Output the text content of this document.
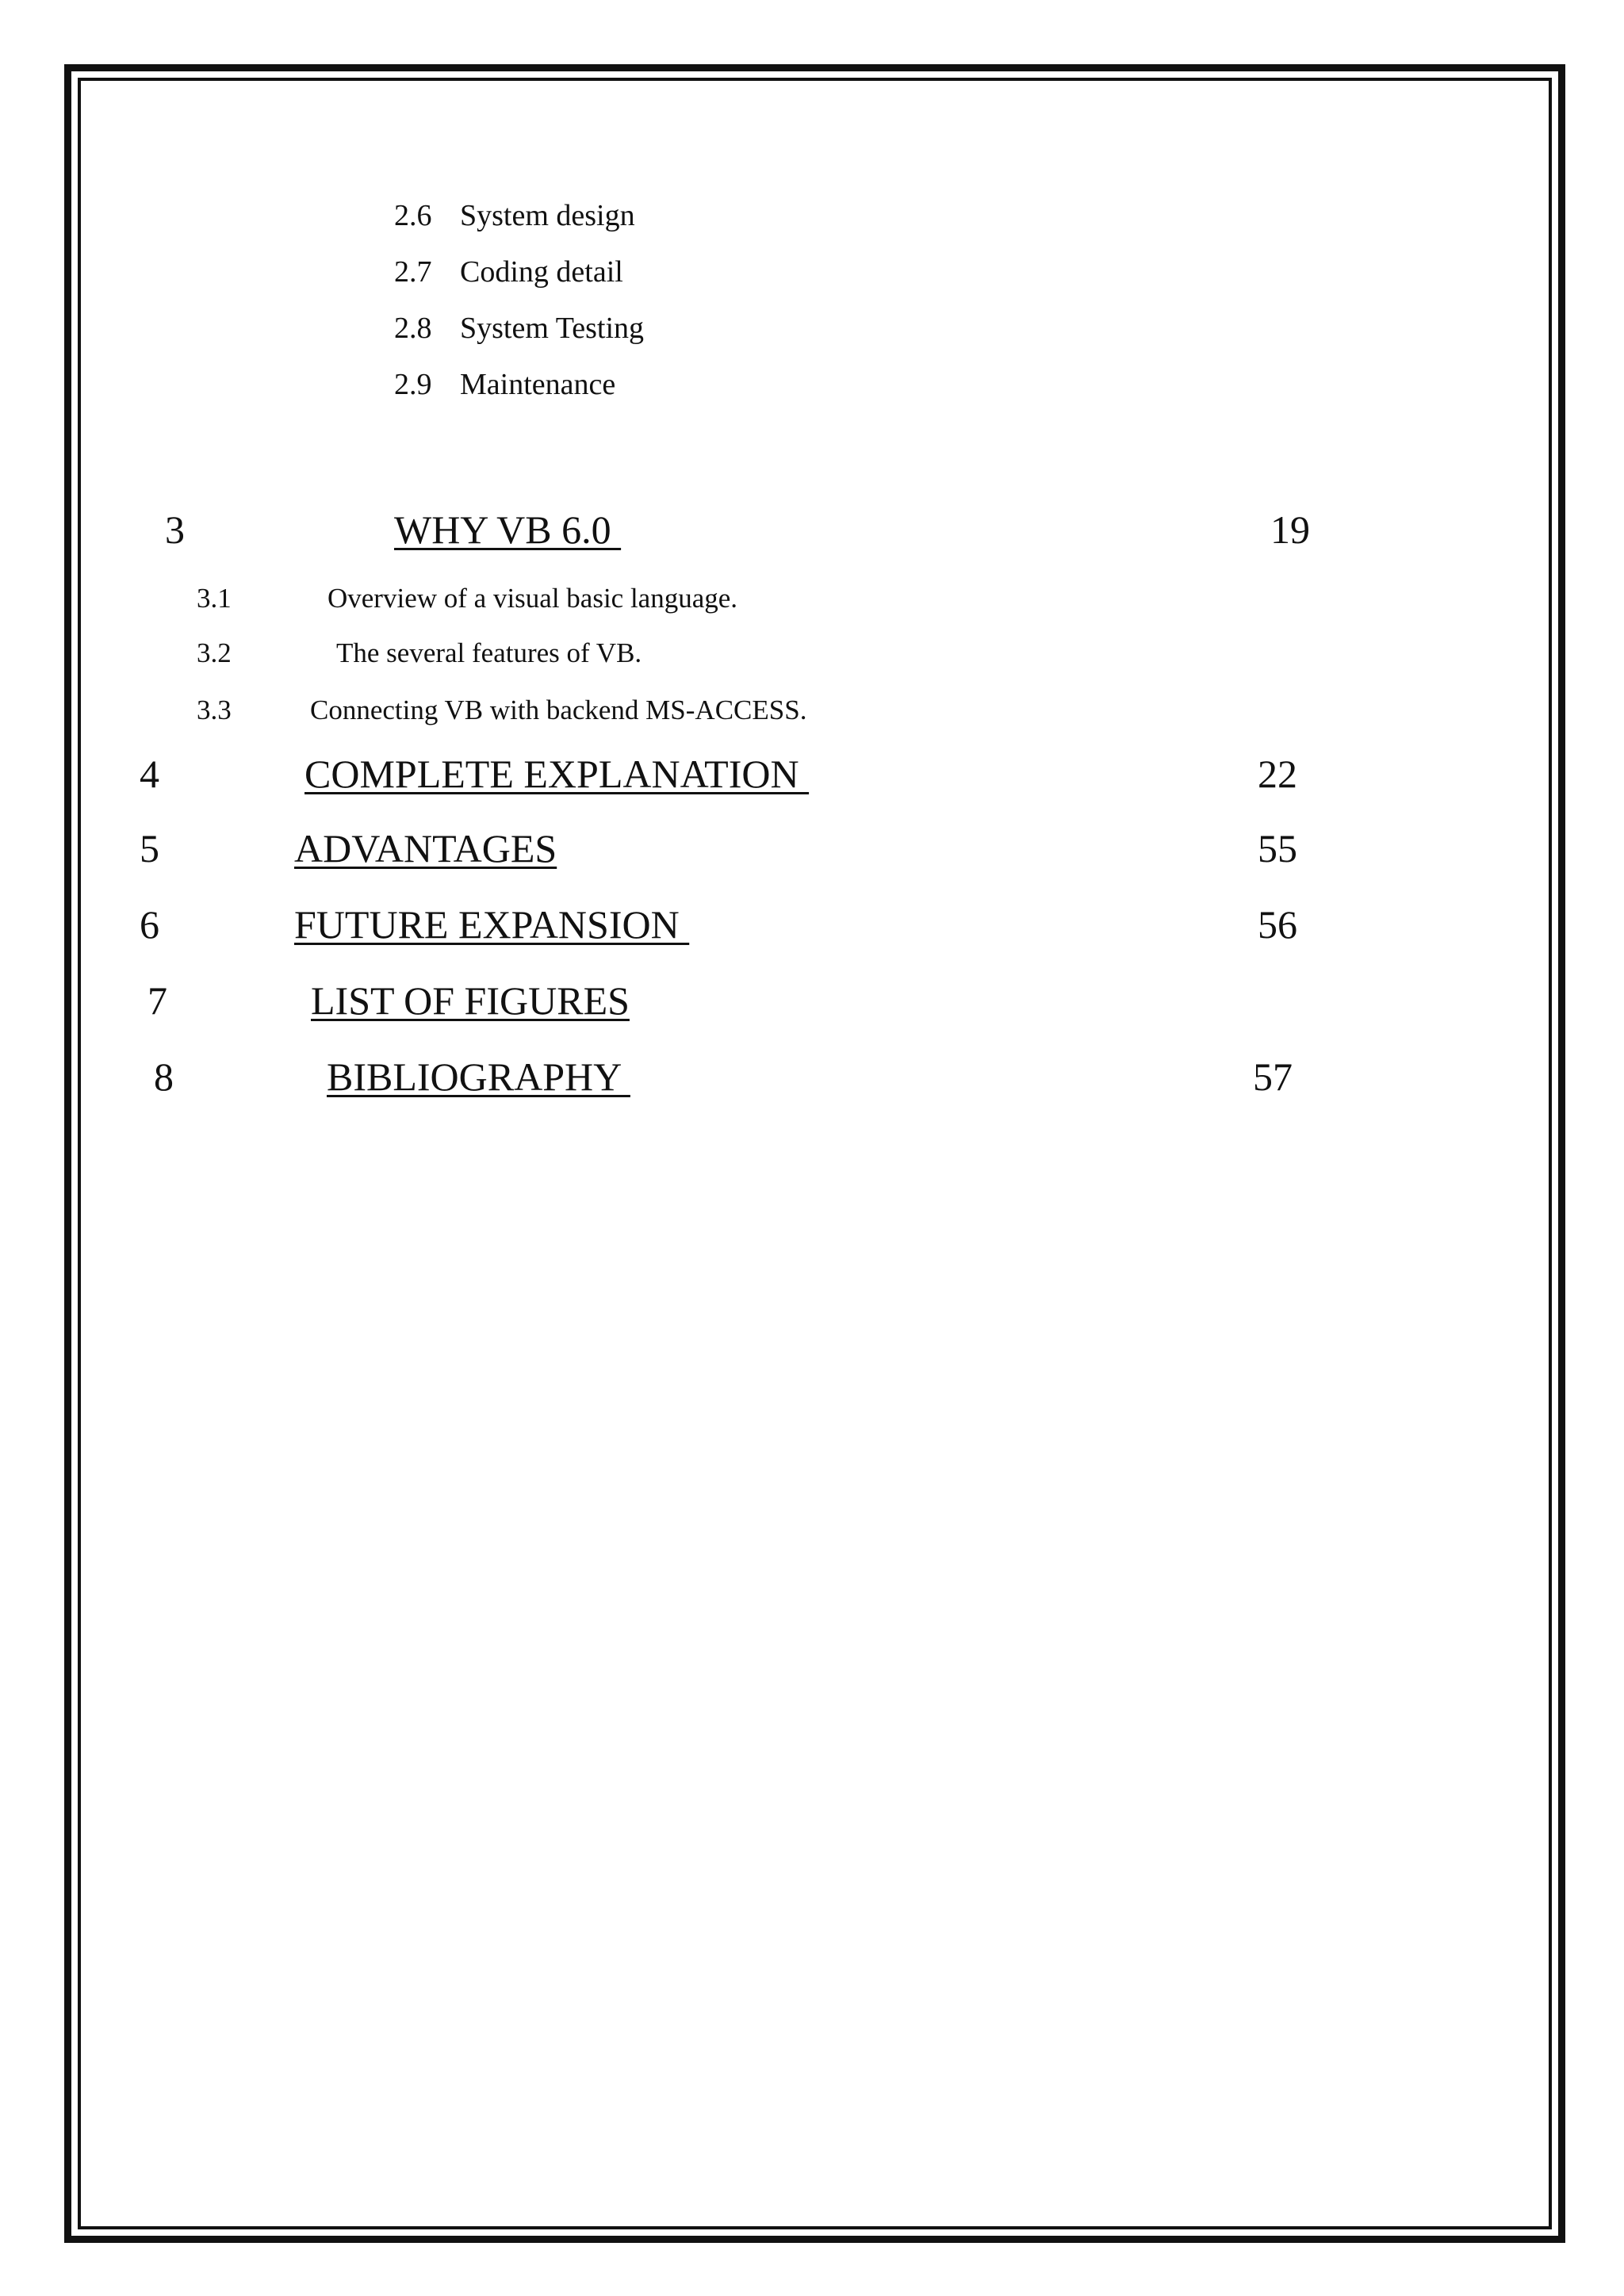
2.6 System design
2.7 Coding detail
2.8 System Testing
2.9 Maintenance
3	WHY VB 6.0	19
3.1	Overview of a visual basic language.
3.2	The several features of VB.
3.3	Connecting VB with backend MS-ACCESS.
4	COMPLETE EXPLANATION	22
5	ADVANTAGES	55
6	FUTURE EXPANSION	56
7	LIST OF FIGURES
8	BIBLIOGRAPHY	57
